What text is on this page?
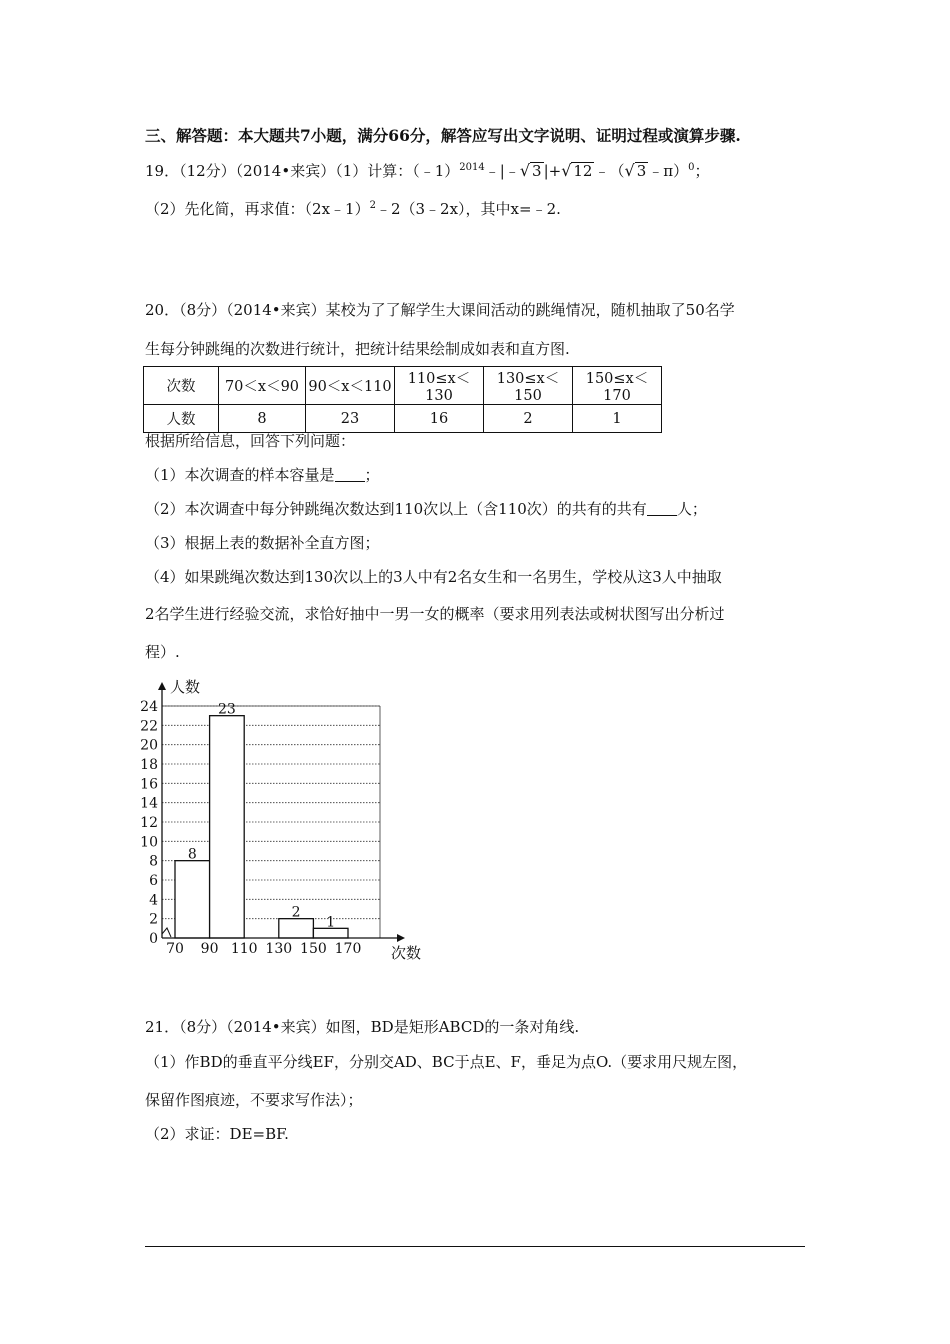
三、解答题：本大题共7小题，满分66分，解答应写出文字说明、证明过程或演算步骤.
19．（12分）（2014•来宾）（1）计算：（﹣1）$^{2014}$﹣|﹣√ 3 |+√ 12 ﹣（√ 3 ﹣π）$^0$；
（2）先化简，再求值：（2x﹣1）$^2$﹣2（3﹣2x），其中x=﹣2.
20．（8分）（2014•来宾）某校为了了解学生大课间活动的跳绳情况，随机抽取了50名学
生每分钟跳绳的次数进行统计，把统计结果绘制成如表和直方图.
次数	70＜x＜90	90＜x＜110	110≤x＜130	130≤x＜150	150≤x＜170
人数	8	23	16	2	1
根据所给信息，回答下列问题：
（1）本次调查的样本容量是 ；
（2）本次调查中每分钟跳绳次数达到110次以上（含110次）的共有的共有 人；
（3）根据上表的数据补全直方图；
（4）如果跳绳次数达到130次以上的3人中有2名女生和一名男生，学校从这3人中抽取
2名学生进行经验交流，求恰好抽中一男一女的概率（要求用列表法或树状图写出分析过
程）.
0
2
4
6
8
10
12
14
16
18
20
22
24
8
23
2
1
70 90 110 130 150 170
人数
次数
21．（8分）（2014•来宾）如图，BD是矩形ABCD的一条对角线.
（1）作BD的垂直平分线EF，分别交AD、BC于点E、F，垂足为点O.（要求用尺规左图，
保留作图痕迹，不要求写作法）；
（2）求证：DE=BF.
